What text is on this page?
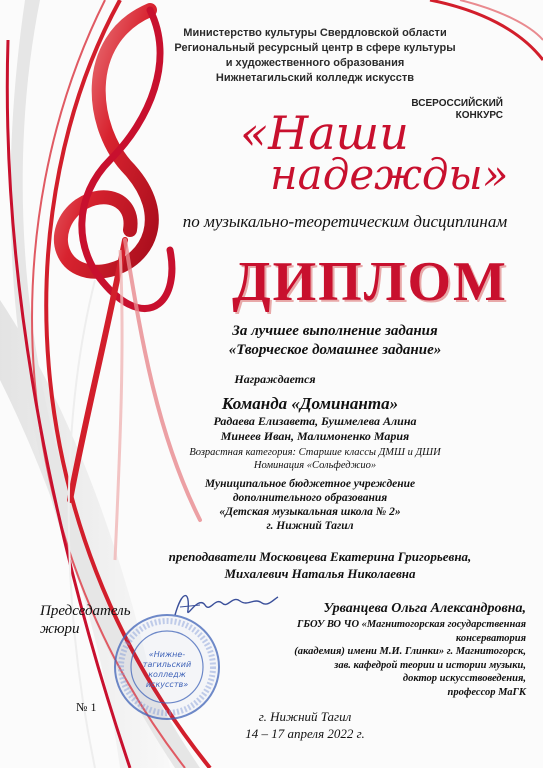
Министерство культуры Свердловской области
Региональный ресурсный центр в сфере культуры
и художественного образования
Нижнетагильский колледж искусств
ВСЕРОССИЙСКИЙ
КОНКУРС
«Наши
надежды»
по музыкально-теоретическим дисциплинам
ДИПЛОМ
За лучшее выполнение задания
«Творческое домашнее задание»
Награждается
Команда «Доминанта»
Радаева Елизавета, Бушмелева Алина
Минеев Иван, Малимоненко Мария
Возрастная категория: Старшие классы ДМШ и ДШИ
Номинация «Сольфеджио»
Муниципальное бюджетное учреждение
дополнительного образования
«Детская музыкальная школа № 2»
г. Нижний Тагил
преподаватели Московцева Екатерина Григорьевна,
Михалевич Наталья Николаевна
Председатель
жюри
«Нижне-
тагильский
колледж
искусств»
Урванцева Ольга Александровна,
ГБОУ ВО ЧО «Магнитогорская государственная консерватория
(академия) имени М.И. Глинки» г. Магнитогорск,
зав. кафедрой теории и истории музыки,
доктор искусствоведения,
профессор МаГК
№ 1
г. Нижний Тагил
14 – 17 апреля 2022 г.
